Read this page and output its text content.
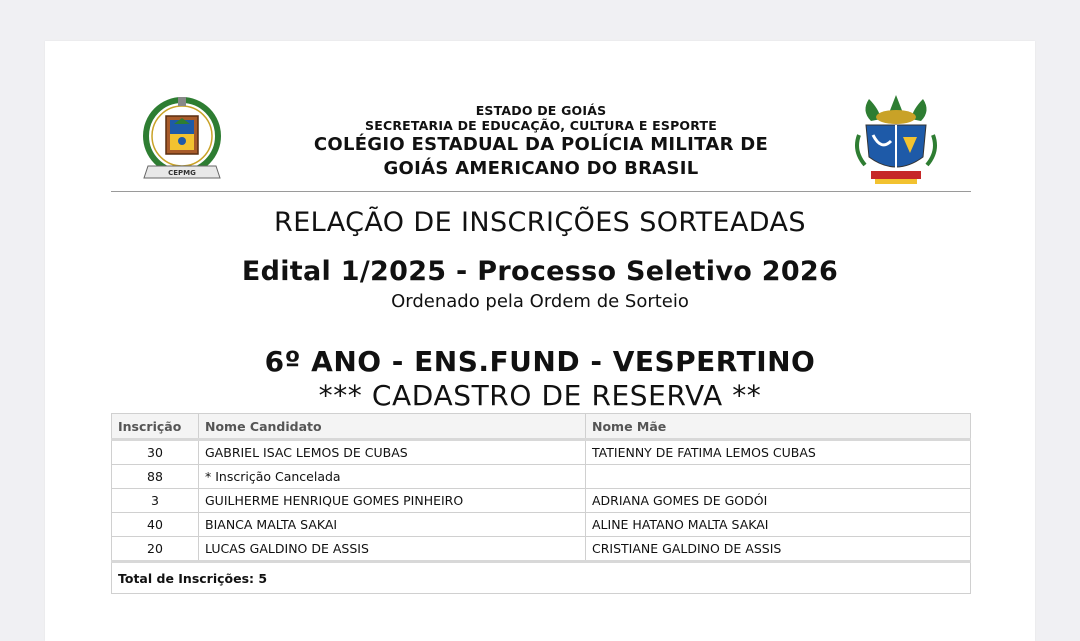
CEPMG
ESTADO DE GOIÁS
SECRETARIA DE EDUCAÇÃO, CULTURA E ESPORTE
COLÉGIO ESTADUAL DA POLÍCIA MILITAR DE
GOIÁS AMERICANO DO BRASIL
RELAÇÃO DE INSCRIÇÕES SORTEADAS
Edital 1/2025 - Processo Seletivo 2026
Ordenado pela Ordem de Sorteio
6º ANO - ENS.FUND - VESPERTINO
*** CADASTRO DE RESERVA **
Inscrição	Nome Candidato	Nome Mãe
30	GABRIEL ISAC LEMOS DE CUBAS	TATIENNY DE FATIMA LEMOS CUBAS
88	* Inscrição Cancelada	
3	GUILHERME HENRIQUE GOMES PINHEIRO	ADRIANA GOMES DE GODÓI
40	BIANCA MALTA SAKAI	ALINE HATANO MALTA SAKAI
20	LUCAS GALDINO DE ASSIS	CRISTIANE GALDINO DE ASSIS
Total de Inscrições: 5		
